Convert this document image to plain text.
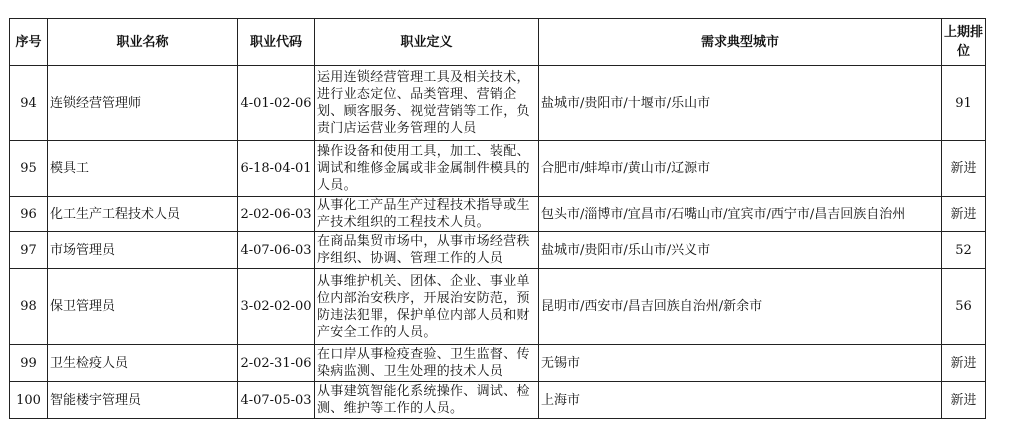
序号	职业名称	职业代码	职业定义	需求典型城市	上期排位
94	连锁经营管理师	4-01-02-06	运用连锁经营管理工具及相关技术，进行业态定位、品类管理、营销企划、顾客服务、视觉营销等工作，负责门店运营业务管理的人员	盐城市/贵阳市/十堰市/乐山市	91
95	模具工	6-18-04-01	操作设备和使用工具，加工、装配、调试和维修金属或非金属制件模具的人员。	合肥市/蚌埠市/黄山市/辽源市	新进
96	化工生产工程技术人员	2-02-06-03	从事化工产品生产过程技术指导或生产技术组织的工程技术人员。	包头市/淄博市/宜昌市/石嘴山市/宜宾市/西宁市/昌吉回族自治州	新进
97	市场管理员	4-07-06-03	在商品集贸市场中，从事市场经营秩序组织、协调、管理工作的人员	盐城市/贵阳市/乐山市/兴义市	52
98	保卫管理员	3-02-02-00	从事维护机关、团体、企业、事业单位内部治安秩序，开展治安防范，预防违法犯罪，保护单位内部人员和财产安全工作的人员。	昆明市/西安市/昌吉回族自治州/新余市	56
99	卫生检疫人员	2-02-31-06	在口岸从事检疫查验、卫生监督、传染病监测、卫生处理的技术人员	无锡市	新进
100	智能楼宇管理员	4-07-05-03	从事建筑智能化系统操作、调试、检测、维护等工作的人员。	上海市	新进
